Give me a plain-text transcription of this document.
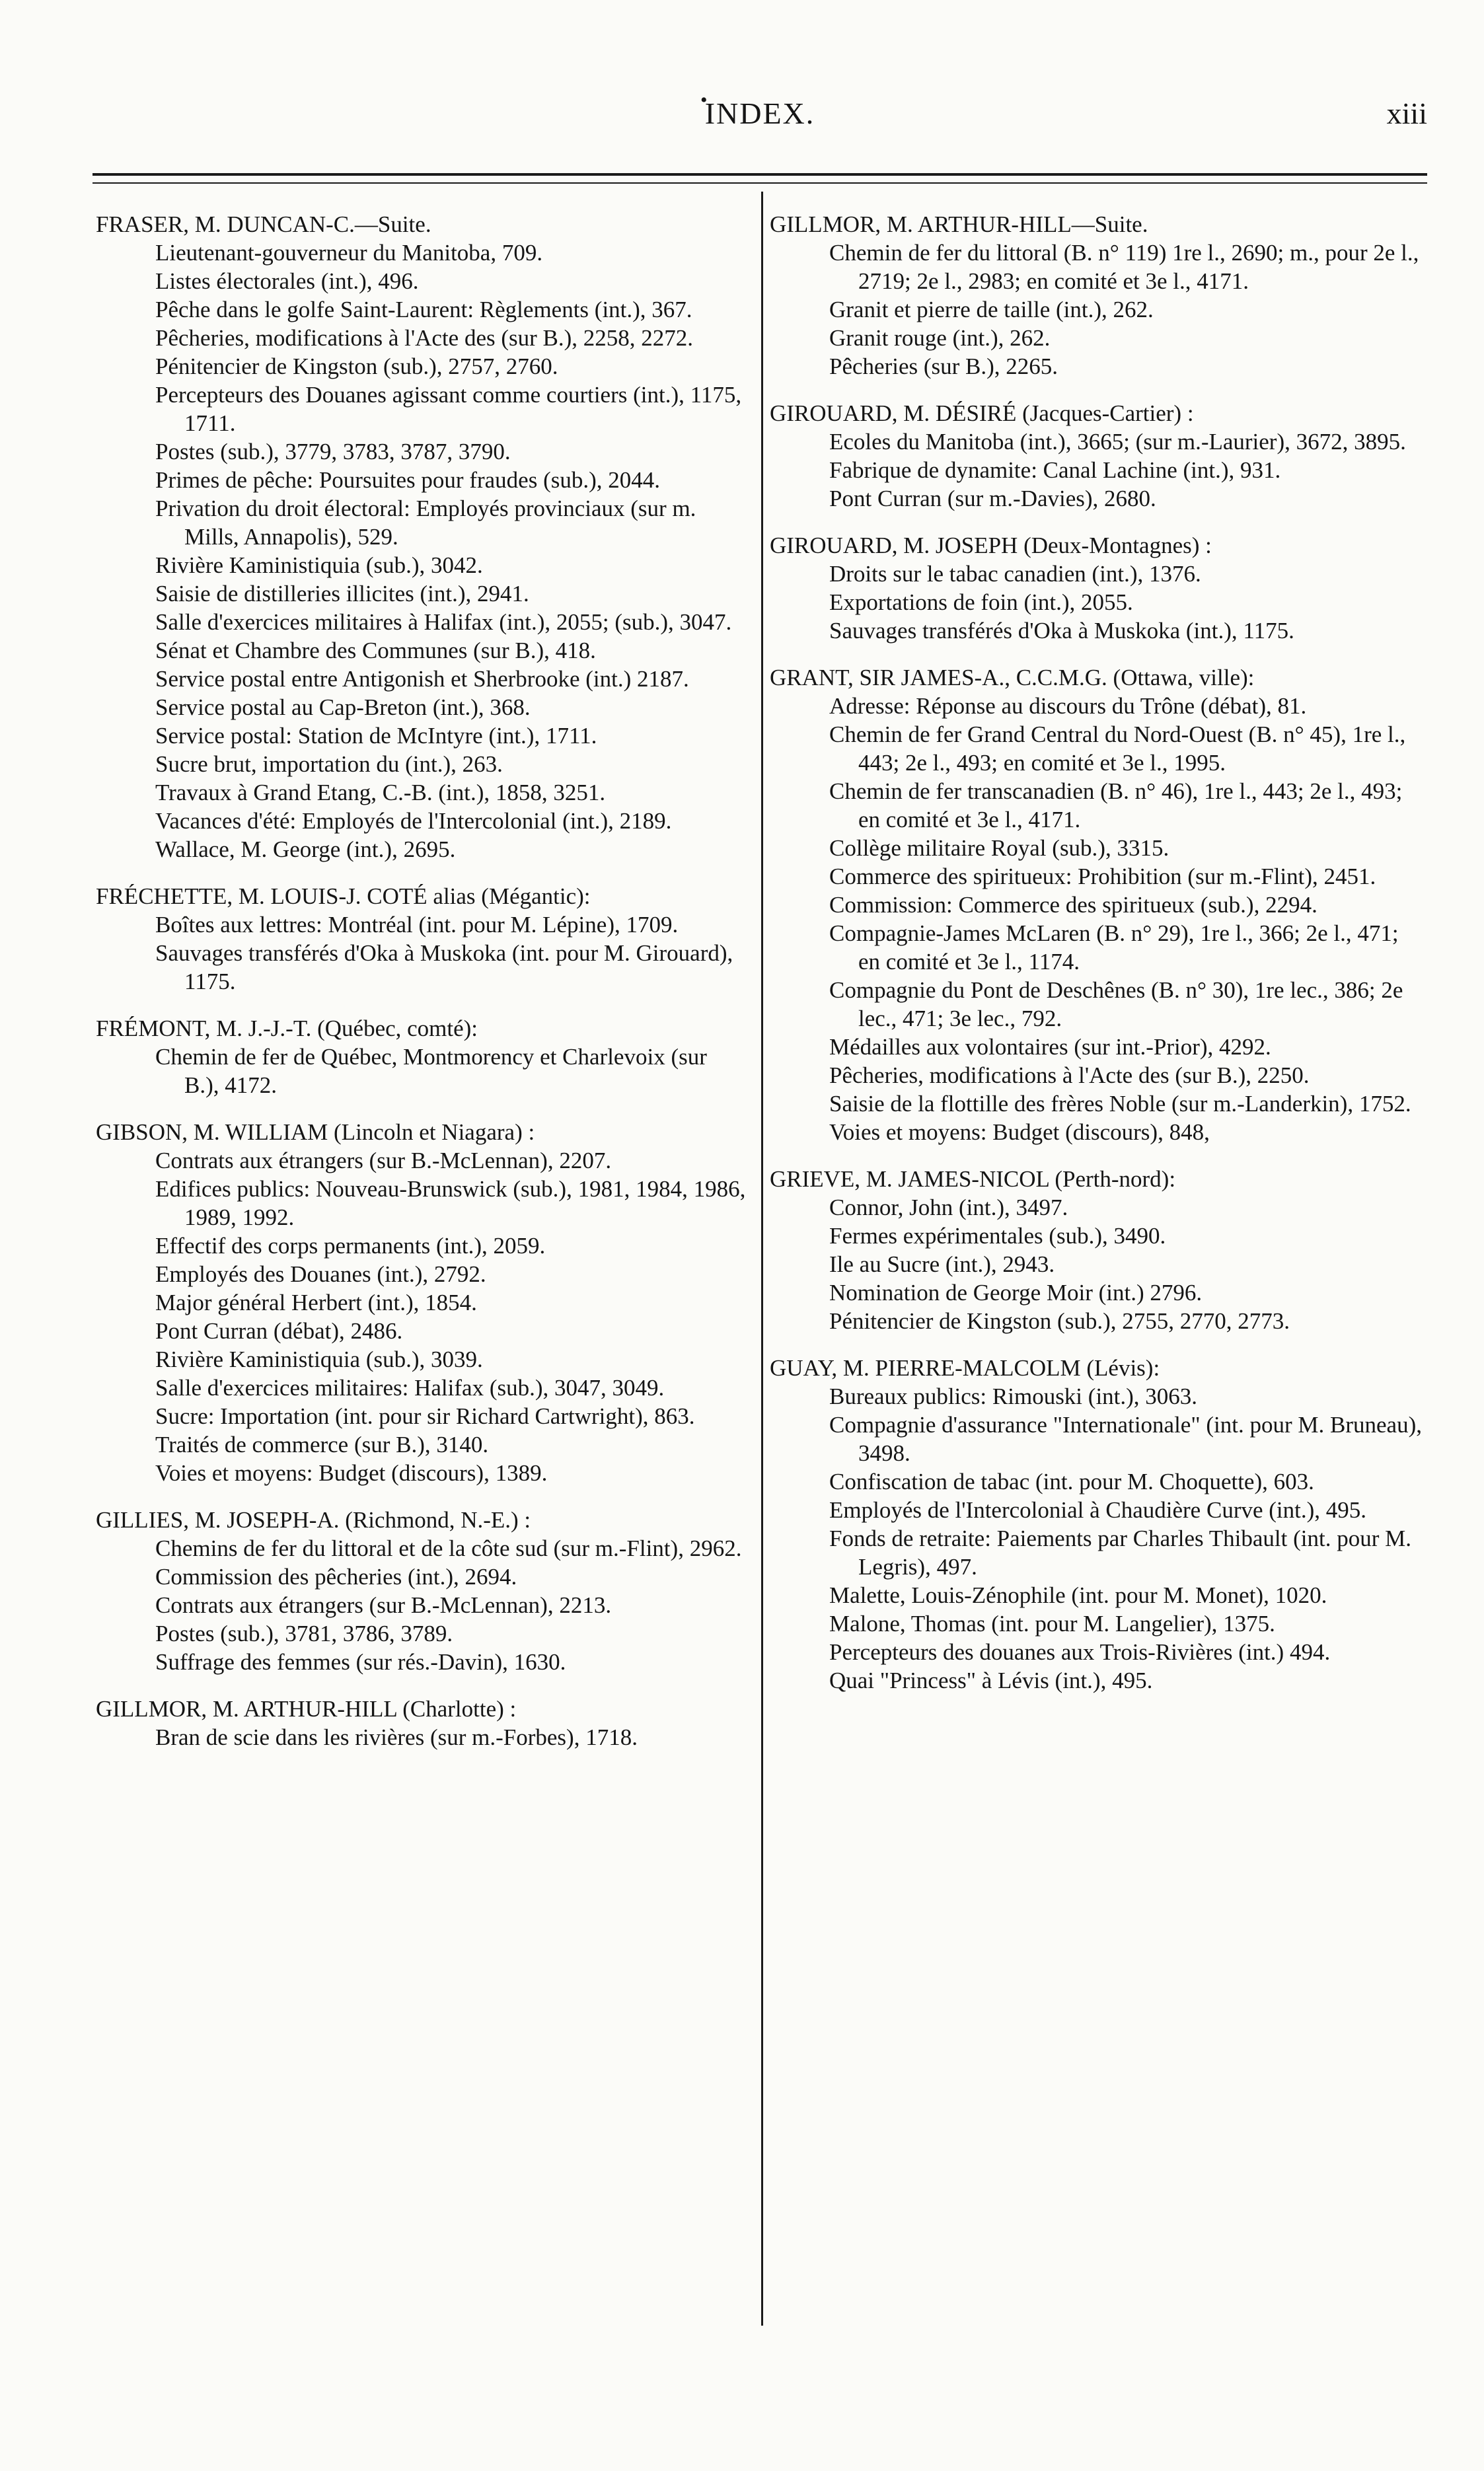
•
INDEX.	xiii
FRASER, M. DUNCAN-C.—Suite.
Lieutenant-gouverneur du Manitoba, 709.
Listes électorales (int.), 496.
Pêche dans le golfe Saint-Laurent: Règlements (int.), 367.
Pêcheries, modifications à l'Acte des (sur B.), 2258, 2272.
Pénitencier de Kingston (sub.), 2757, 2760.
Percepteurs des Douanes agissant comme courtiers (int.), 1175, 1711.
Postes (sub.), 3779, 3783, 3787, 3790.
Primes de pêche: Poursuites pour fraudes (sub.), 2044.
Privation du droit électoral: Employés provinciaux (sur m. Mills, Annapolis), 529.
Rivière Kaministiquia (sub.), 3042.
Saisie de distilleries illicites (int.), 2941.
Salle d'exercices militaires à Halifax (int.), 2055; (sub.), 3047.
Sénat et Chambre des Communes (sur B.), 418.
Service postal entre Antigonish et Sherbrooke (int.) 2187.
Service postal au Cap-Breton (int.), 368.
Service postal: Station de McIntyre (int.), 1711.
Sucre brut, importation du (int.), 263.
Travaux à Grand Etang, C.-B. (int.), 1858, 3251.
Vacances d'été: Employés de l'Intercolonial (int.), 2189.
Wallace, M. George (int.), 2695.
FRÉCHETTE, M. LOUIS-J. COTÉ alias (Mégantic):
Boîtes aux lettres: Montréal (int. pour M. Lépine), 1709.
Sauvages transférés d'Oka à Muskoka (int. pour M. Girouard), 1175.
FRÉMONT, M. J.-J.-T. (Québec, comté):
Chemin de fer de Québec, Montmorency et Charlevoix (sur B.), 4172.
GIBSON, M. WILLIAM (Lincoln et Niagara) :
Contrats aux étrangers (sur B.-McLennan), 2207.
Edifices publics: Nouveau-Brunswick (sub.), 1981, 1984, 1986, 1989, 1992.
Effectif des corps permanents (int.), 2059.
Employés des Douanes (int.), 2792.
Major général Herbert (int.), 1854.
Pont Curran (débat), 2486.
Rivière Kaministiquia (sub.), 3039.
Salle d'exercices militaires: Halifax (sub.), 3047, 3049.
Sucre: Importation (int. pour sir Richard Cartwright), 863.
Traités de commerce (sur B.), 3140.
Voies et moyens: Budget (discours), 1389.
GILLIES, M. JOSEPH-A. (Richmond, N.-E.) :
Chemins de fer du littoral et de la côte sud (sur m.-Flint), 2962.
Commission des pêcheries (int.), 2694.
Contrats aux étrangers (sur B.-McLennan), 2213.
Postes (sub.), 3781, 3786, 3789.
Suffrage des femmes (sur rés.-Davin), 1630.
GILLMOR, M. ARTHUR-HILL (Charlotte) :
Bran de scie dans les rivières (sur m.-Forbes), 1718.
GILLMOR, M. ARTHUR-HILL—Suite.
Chemin de fer du littoral (B. n° 119) 1re l., 2690; m., pour 2e l., 2719; 2e l., 2983; en comité et 3e l., 4171.
Granit et pierre de taille (int.), 262.
Granit rouge (int.), 262.
Pêcheries (sur B.), 2265.
GIROUARD, M. DÉSIRÉ (Jacques-Cartier) :
Ecoles du Manitoba (int.), 3665; (sur m.-Laurier), 3672, 3895.
Fabrique de dynamite: Canal Lachine (int.), 931.
Pont Curran (sur m.-Davies), 2680.
GIROUARD, M. JOSEPH (Deux-Montagnes) :
Droits sur le tabac canadien (int.), 1376.
Exportations de foin (int.), 2055.
Sauvages transférés d'Oka à Muskoka (int.), 1175.
GRANT, SIR JAMES-A., C.C.M.G. (Ottawa, ville):
Adresse: Réponse au discours du Trône (débat), 81.
Chemin de fer Grand Central du Nord-Ouest (B. n° 45), 1re l., 443; 2e l., 493; en comité et 3e l., 1995.
Chemin de fer transcanadien (B. n° 46), 1re l., 443; 2e l., 493; en comité et 3e l., 4171.
Collège militaire Royal (sub.), 3315.
Commerce des spiritueux: Prohibition (sur m.-Flint), 2451.
Commission: Commerce des spiritueux (sub.), 2294.
Compagnie-James McLaren (B. n° 29), 1re l., 366; 2e l., 471; en comité et 3e l., 1174.
Compagnie du Pont de Deschênes (B. n° 30), 1re lec., 386; 2e lec., 471; 3e lec., 792.
Médailles aux volontaires (sur int.-Prior), 4292.
Pêcheries, modifications à l'Acte des (sur B.), 2250.
Saisie de la flottille des frères Noble (sur m.-Landerkin), 1752.
Voies et moyens: Budget (discours), 848,
GRIEVE, M. JAMES-NICOL (Perth-nord):
Connor, John (int.), 3497.
Fermes expérimentales (sub.), 3490.
Ile au Sucre (int.), 2943.
Nomination de George Moir (int.) 2796.
Pénitencier de Kingston (sub.), 2755, 2770, 2773.
GUAY, M. PIERRE-MALCOLM (Lévis):
Bureaux publics: Rimouski (int.), 3063.
Compagnie d'assurance "Internationale" (int. pour M. Bruneau), 3498.
Confiscation de tabac (int. pour M. Choquette), 603.
Employés de l'Intercolonial à Chaudière Curve (int.), 495.
Fonds de retraite: Paiements par Charles Thibault (int. pour M. Legris), 497.
Malette, Louis-Zénophile (int. pour M. Monet), 1020.
Malone, Thomas (int. pour M. Langelier), 1375.
Percepteurs des douanes aux Trois-Rivières (int.) 494.
Quai "Princess" à Lévis (int.), 495.
